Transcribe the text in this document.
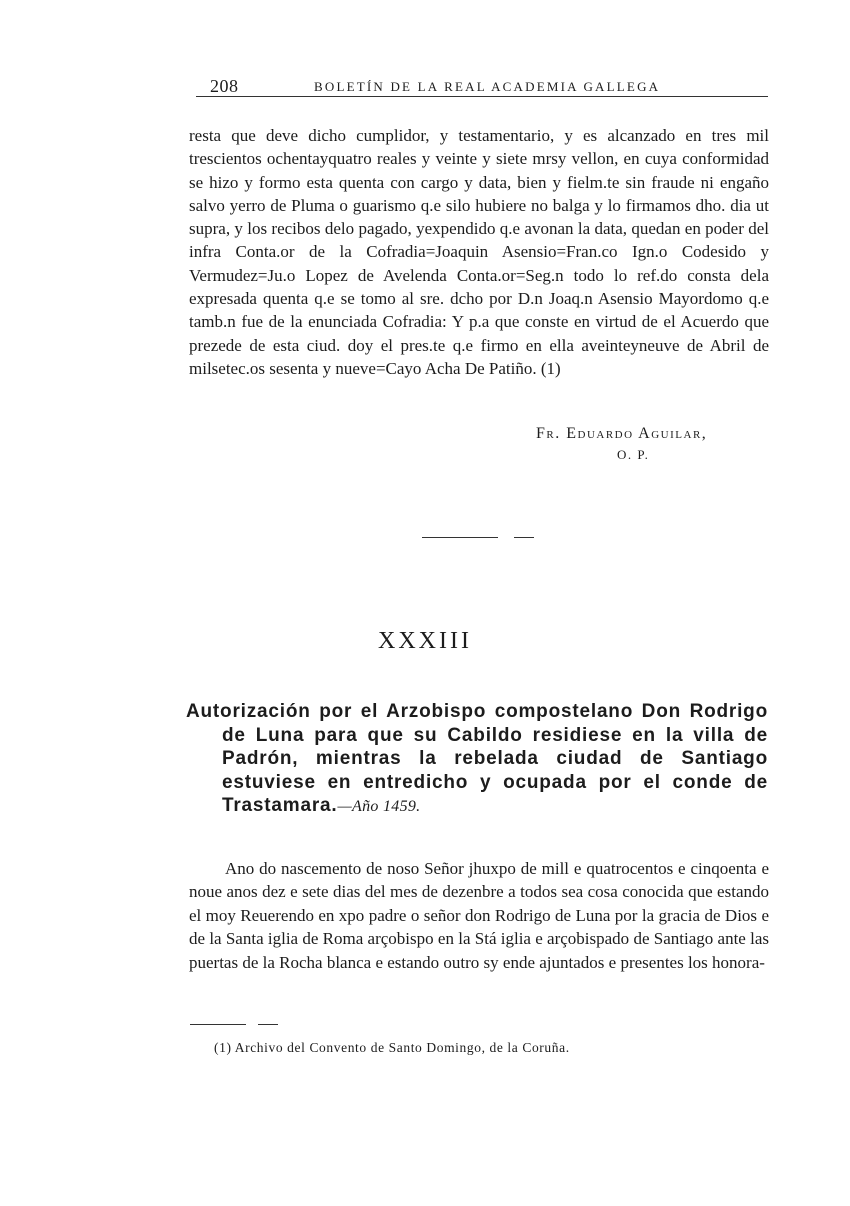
208	BOLETÍN DE LA REAL ACADEMIA GALLEGA
resta que deve dicho cumplidor, y testamentario, y es alcanzado en tres mil trescientos ochentayquatro reales y veinte y siete mrsy vellon, en cuya conformidad se hizo y formo esta quenta con cargo y data, bien y fielm.te sin fraude ni engaño salvo yerro de Pluma o guarismo q.e silo hubiere no balga y lo firmamos dho. dia ut supra, y los recibos delo pagado, yexpendido q.e avonan la data, quedan en poder del infra Conta.or de la Cofradia=Joaquin Asensio=Fran.co Ign.o Codesido y Vermudez=Ju.o Lopez de Avelenda Conta.or=Seg.n todo lo ref.do consta dela expresada quenta q.e se tomo al sre. dcho por D.n Joaq.n Asensio Mayordomo q.e tamb.n fue de la enunciada Cofradia: Y p.a que conste en virtud de el Acuerdo que prezede de esta ciud. doy el pres.te q.e firmo en ella aveinteyneuve de Abril de milsetec.os sesenta y nueve=Cayo Acha De Patiño. (1)
Fr. Eduardo Aguilar,
O. P.
XXXIII
Autorización por el Arzobispo compostelano Don Rodrigo de Luna para que su Cabildo residiese en la villa de Padrón, mientras la rebelada ciudad de Santiago estuviese en entredicho y ocupada por el conde de Trastamara.—Año 1459.
Ano do nascemento de noso Señor jhuxpo de mill e quatrocentos e cinqoenta e noue anos dez e sete dias del mes de dezenbre a todos sea cosa conocida que estando el moy Reuerendo en xpo padre o señor don Rodrigo de Luna por la gracia de Dios e de la Santa iglia de Roma arçobispo en la Stá iglia e arçobispado de Santiago ante las puertas de la Rocha blanca e estando outro sy ende ajuntados e presentes los honora-
(1) Archivo del Convento de Santo Domingo, de la Coruña.
